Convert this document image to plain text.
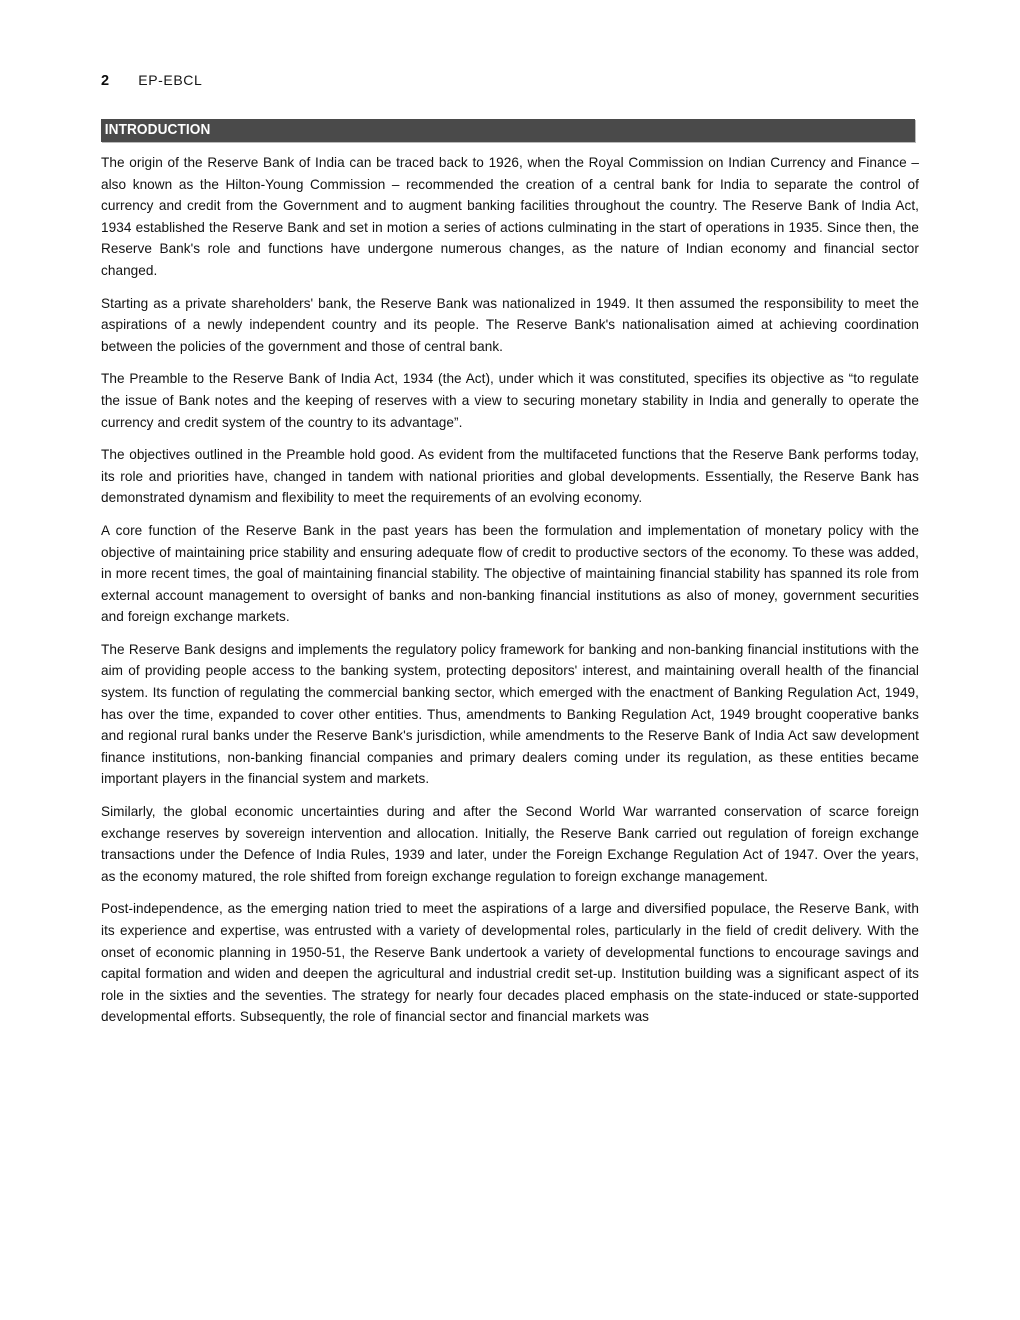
2 EP-EBCL
INTRODUCTION

The origin of the Reserve Bank of India can be traced back to 1926, when the Royal Commission on Indian Currency and Finance – also known as the Hilton-Young Commission – recommended the creation of a central bank for India to separate the control of currency and credit from the Government and to augment banking facilities throughout the country. The Reserve Bank of India Act, 1934 established the Reserve Bank and set in motion a series of actions culminating in the start of operations in 1935. Since then, the Reserve Bank's role and functions have undergone numerous changes, as the nature of Indian economy and financial sector changed.

Starting as a private shareholders' bank, the Reserve Bank was nationalized in 1949. It then assumed the responsibility to meet the aspirations of a newly independent country and its people. The Reserve Bank's nationalisation aimed at achieving coordination between the policies of the government and those of central bank.

The Preamble to the Reserve Bank of India Act, 1934 (the Act), under which it was constituted, specifies its objective as “to regulate the issue of Bank notes and the keeping of reserves with a view to securing monetary stability in India and generally to operate the currency and credit system of the country to its advantage”.

The objectives outlined in the Preamble hold good. As evident from the multifaceted functions that the Reserve Bank performs today, its role and priorities have, changed in tandem with national priorities and global developments. Essentially, the Reserve Bank has demonstrated dynamism and flexibility to meet the requirements of an evolving economy.

A core function of the Reserve Bank in the past years has been the formulation and implementation of monetary policy with the objective of maintaining price stability and ensuring adequate flow of credit to productive sectors of the economy. To these was added, in more recent times, the goal of maintaining financial stability. The objective of maintaining financial stability has spanned its role from external account management to oversight of banks and non-banking financial institutions as also of money, government securities and foreign exchange markets.

The Reserve Bank designs and implements the regulatory policy framework for banking and non-banking financial institutions with the aim of providing people access to the banking system, protecting depositors' interest, and maintaining overall health of the financial system. Its function of regulating the commercial banking sector, which emerged with the enactment of Banking Regulation Act, 1949, has over the time, expanded to cover other entities. Thus, amendments to Banking Regulation Act, 1949 brought cooperative banks and regional rural banks under the Reserve Bank's jurisdiction, while amendments to the Reserve Bank of India Act saw development finance institutions, non-banking financial companies and primary dealers coming under its regulation, as these entities became important players in the financial system and markets.

Similarly, the global economic uncertainties during and after the Second World War warranted conservation of scarce foreign exchange reserves by sovereign intervention and allocation. Initially, the Reserve Bank carried out regulation of foreign exchange transactions under the Defence of India Rules, 1939 and later, under the Foreign Exchange Regulation Act of 1947. Over the years, as the economy matured, the role shifted from foreign exchange regulation to foreign exchange management.

Post-independence, as the emerging nation tried to meet the aspirations of a large and diversified populace, the Reserve Bank, with its experience and expertise, was entrusted with a variety of developmental roles, particularly in the field of credit delivery. With the onset of economic planning in 1950-51, the Reserve Bank undertook a variety of developmental functions to encourage savings and capital formation and widen and deepen the agricultural and industrial credit set-up. Institution building was a significant aspect of its role in the sixties and the seventies. The strategy for nearly four decades placed emphasis on the state-induced or state-supported developmental efforts. Subsequently, the role of financial sector and financial markets was
